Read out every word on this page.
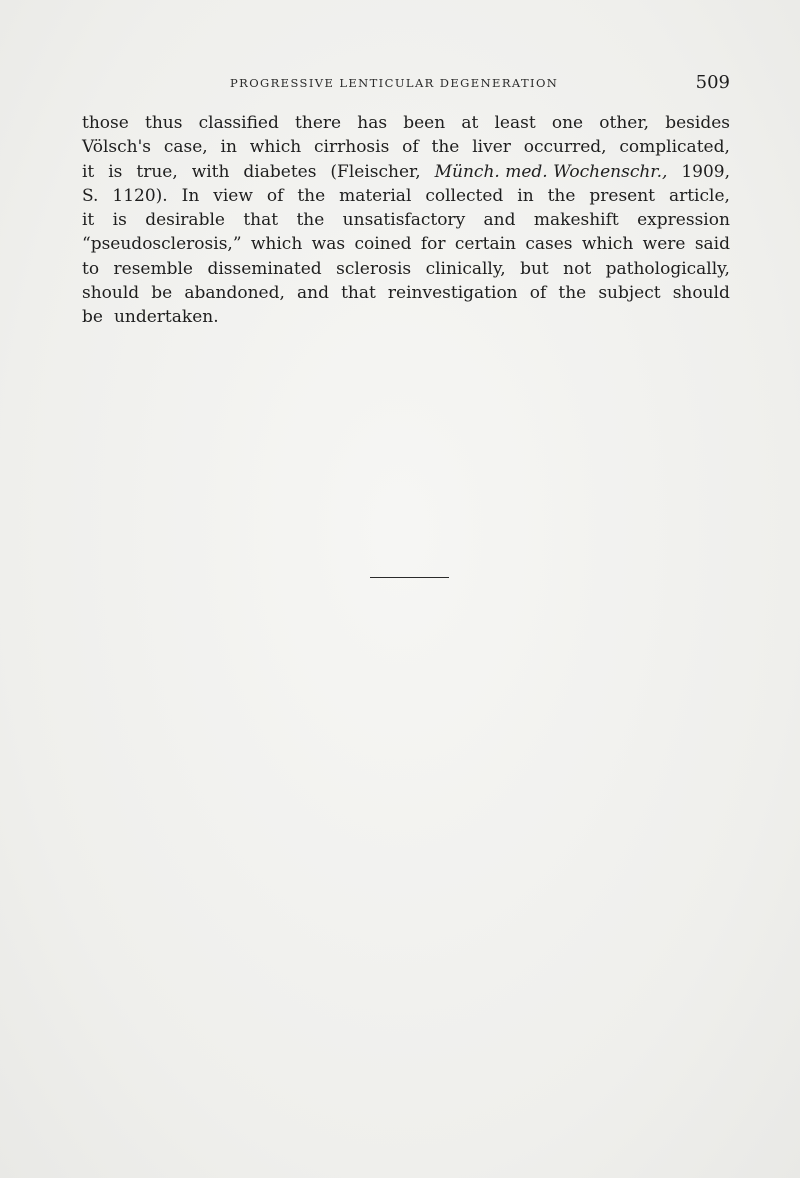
PROGRESSIVE LENTICULAR DEGENERATION	509
those thus classified there has been at least one other, besides
Völsch's case, in which cirrhosis of the liver occurred, complicated,
it is true, with diabetes (Fleischer, Münch. med. Wochenschr., 1909,
S. 1120). In view of the material collected in the present article,
it is desirable that the unsatisfactory and makeshift expression
“pseudosclerosis,” which was coined for certain cases which were said
to resemble disseminated sclerosis clinically, but not pathologically,
should be abandoned, and that reinvestigation of the subject should
be undertaken.
